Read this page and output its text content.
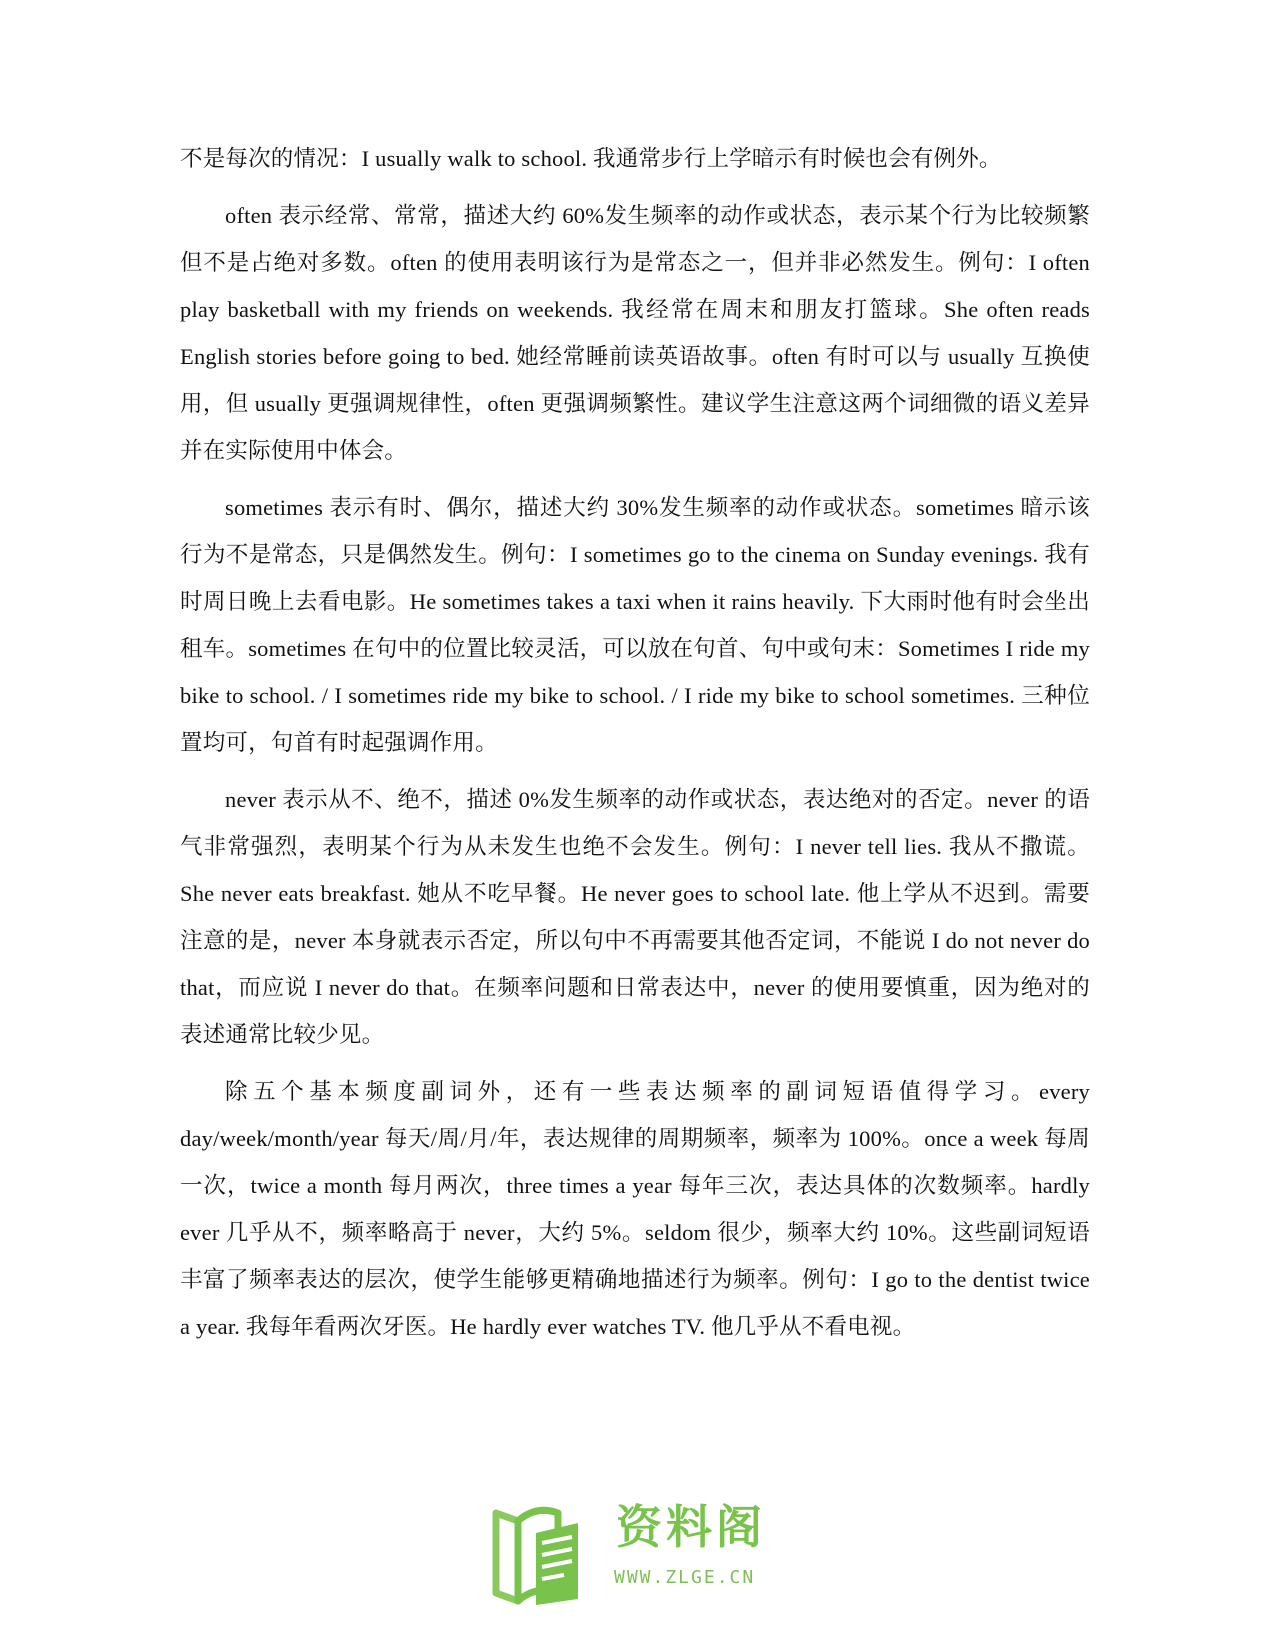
不是每次的情况：I usually walk to school. 我通常步行上学暗示有时候也会有例外。

often 表示经常、常常，描述大约 60%发生频率的动作或状态，表示某个行为比较频繁但不是占绝对多数。often 的使用表明该行为是常态之一，但并非必然发生。例句：I often play basketball with my friends on weekends. 我经常在周末和朋友打篮球。She often reads English stories before going to bed. 她经常睡前读英语故事。often 有时可以与 usually 互换使用，但 usually 更强调规律性，often 更强调频繁性。建议学生注意这两个词细微的语义差异并在实际使用中体会。

sometimes 表示有时、偶尔，描述大约 30%发生频率的动作或状态。sometimes 暗示该行为不是常态，只是偶然发生。例句：I sometimes go to the cinema on Sunday evenings. 我有时周日晚上去看电影。He sometimes takes a taxi when it rains heavily. 下大雨时他有时会坐出租车。sometimes 在句中的位置比较灵活，可以放在句首、句中或句末：Sometimes I ride my bike to school. / I sometimes ride my bike to school. / I ride my bike to school sometimes. 三种位置均可，句首有时起强调作用。

never 表示从不、绝不，描述 0%发生频率的动作或状态，表达绝对的否定。never 的语气非常强烈，表明某个行为从未发生也绝不会发生。例句：I never tell lies. 我从不撒谎。She never eats breakfast. 她从不吃早餐。He never goes to school late. 他上学从不迟到。需要注意的是，never 本身就表示否定，所以句中不再需要其他否定词，不能说 I do not never do that，而应说 I never do that。在频率问题和日常表达中，never 的使用要慎重，因为绝对的表述通常比较少见。

除五个基本频度副词外，还有一些表达频率的副词短语值得学习。every day/week/month/year 每天/周/月/年，表达规律的周期频率，频率为 100%。once a week 每周一次，twice a month 每月两次，three times a year 每年三次，表达具体的次数频率。hardly ever 几乎从不，频率略高于 never，大约 5%。seldom 很少，频率大约 10%。这些副词短语丰富了频率表达的层次，使学生能够更精确地描述行为频率。例句：I go to the dentist twice a year. 我每年看两次牙医。He hardly ever watches TV. 他几乎从不看电视。

资料阁
WWW.ZLGE.CN
